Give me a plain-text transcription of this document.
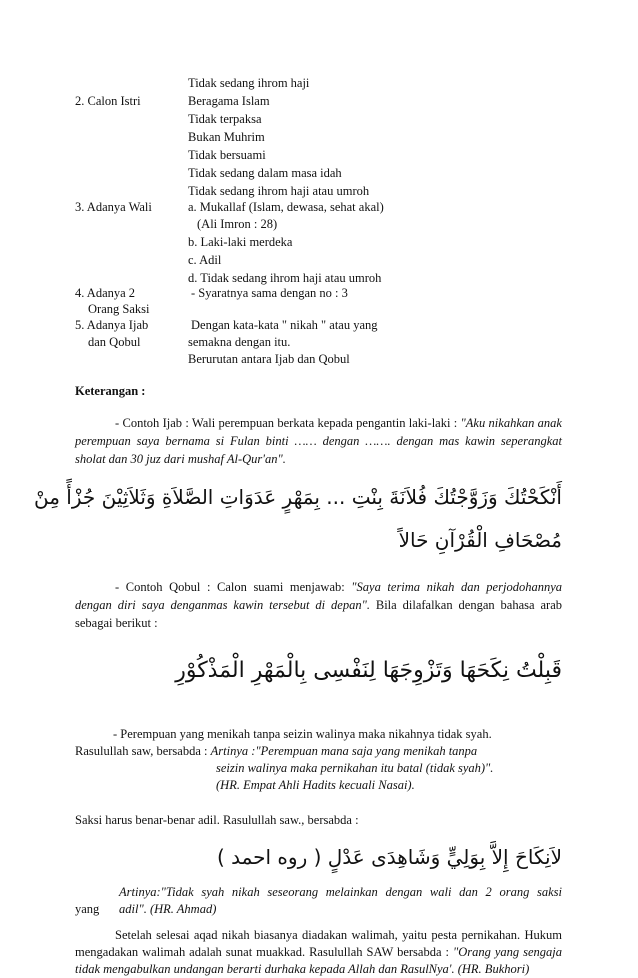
Tidak sedang ihrom haji
2. Calon Istri	Beragama Islam
Tidak terpaksa
Bukan Muhrim
Tidak bersuami
Tidak sedang dalam masa idah
Tidak sedang ihrom haji atau umroh
3. Adanya Wali	a. Mukallaf (Islam, dewasa, sehat akal)
(Ali Imron : 28)
b. Laki-laki merdeka
c. Adil
d. Tidak sedang ihrom haji atau umroh
4. Adanya 2	- Syaratnya sama dengan no : 3
Orang Saksi
5. Adanya Ijab	Dengan kata-kata " nikah " atau yang
dan Qobul	semakna dengan itu.
Berurutan antara Ijab dan Qobul
Keterangan :
- Contoh Ijab : Wali perempuan berkata kepada pengantin laki-laki : "Aku nikahkan anak perempuan saya bernama si Fulan binti …… dengan ……. dengan mas kawin seperangkat sholat dan 30 juz dari mushaf Al-Qur'an".
أَنْكَحْتُكَ وَزَوَّجْتُكَ فُلاَنَةَ بِنْتِ ... بِمَهْرٍ عَدَوَاتِ الصَّلاَةِ وَثَلاَثِيْنَ جُزْأً مِنْ
مُصْحَافِ الْقُرْآنِ حَالاً
- Contoh Qobul : Calon suami menjawab: "Saya terima nikah dan perjodohannya dengan diri saya denganmas kawin tersebut di depan". Bila dilafalkan dengan bahasa arab sebagai berikut :
قَبِلْتُ نِكَحَهَا وَتَزْوِجَهَا لِنَفْسِى بِالْمَهْرِ الْمَذْكُوْرِ
- Perempuan yang menikah tanpa seizin walinya maka nikahnya tidak syah.
Rasulullah saw, bersabda : Artinya :"Perempuan mana saja yang menikah tanpa
seizin walinya maka pernikahan itu batal (tidak syah)".
(HR. Empat Ahli Hadits kecuali Nasai).
Saksi harus benar-benar adil. Rasulullah saw., bersabda :
لاَنِكَاحَ إِلاَّ بِوَلِيٍّ وَشَاهِدَى عَدْلٍ ( روه احمد )
Artinya:"Tidak syah nikah seseorang melainkan dengan wali dan 2 orang saksi
yang adil". (HR. Ahmad)
Setelah selesai aqad nikah biasanya diadakan walimah, yaitu pesta pernikahan. Hukum mengadakan walimah adalah sunat muakkad. Rasulullah SAW bersabda : "Orang yang sengaja tidak mengabulkan undangan berarti durhaka kepada Allah dan RasulNya'. (HR. Bukhori)
